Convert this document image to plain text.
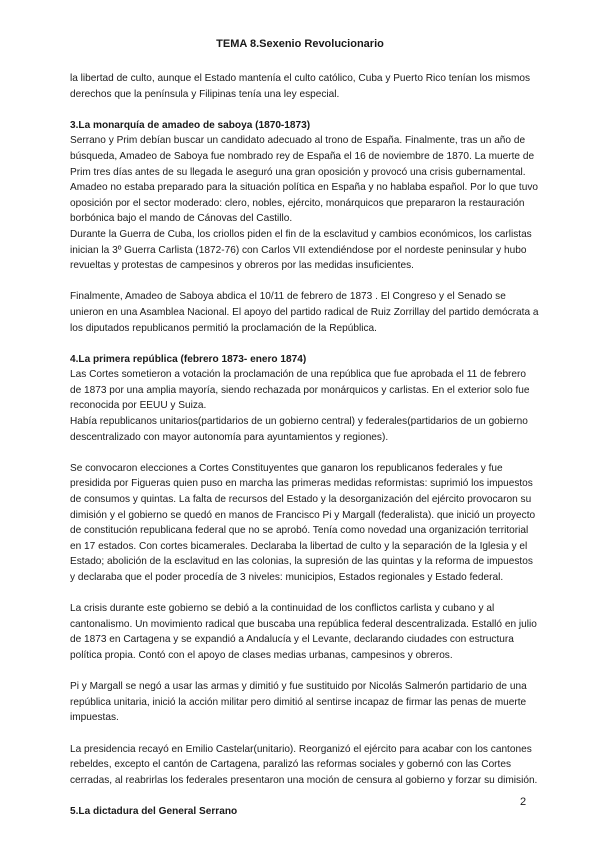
TEMA 8.Sexenio Revolucionario

la libertad de culto, aunque el Estado mantenía el culto católico, Cuba y Puerto Rico tenían los mismos derechos que la península y Filipinas tenía una ley especial.

3.La monarquía de amadeo de saboya (1870-1873)

Serrano y Prim debían buscar un candidato adecuado al trono de España. Finalmente, tras un año de búsqueda, Amadeo de Saboya fue nombrado rey de España el 16 de noviembre de 1870. La muerte de Prim tres días antes de su llegada le aseguró una gran oposición y provocó una crisis gubernamental. Amadeo no estaba preparado para la situación política en España y no hablaba español. Por lo que tuvo oposición por el sector moderado: clero, nobles, ejército, monárquicos que prepararon la restauración borbónica bajo el mando de Cánovas del Castillo.

Durante la Guerra de Cuba, los criollos piden el fin de la esclavitud y cambios económicos, los carlistas inician la 3º Guerra Carlista (1872-76) con Carlos VII extendiéndose por el nordeste peninsular y hubo revueltas y protestas de campesinos y obreros por las medidas insuficientes.

Finalmente, Amadeo de Saboya abdica el 10/11 de febrero de 1873 . El Congreso y el Senado se unieron en una Asamblea Nacional. El apoyo del partido radical de Ruiz Zorrillay del partido demócrata a los diputados republicanos permitió la proclamación de la República.

4.La primera república (febrero 1873- enero 1874)

Las Cortes sometieron a votación la proclamación de una república que fue aprobada el 11 de febrero de 1873 por una amplia mayoría, siendo rechazada por monárquicos y carlistas. En el exterior solo fue reconocida por EEUU y Suiza.

Había republicanos unitarios(partidarios de un gobierno central) y federales(partidarios de un gobierno descentralizado con mayor autonomía para ayuntamientos y regiones).

Se convocaron elecciones a Cortes Constituyentes que ganaron los republicanos federales y fue presidida por Figueras quien puso en marcha las primeras medidas reformistas: suprimió los impuestos de consumos y quintas. La falta de recursos del Estado y la desorganización del ejército provocaron su dimisión y el gobierno se quedó en manos de Francisco Pi y Margall (federalista). que inició un proyecto de constitución republicana federal que no se aprobó. Tenía como novedad una organización territorial en 17 estados. Con cortes bicamerales. Declaraba la libertad de culto y la separación de la Iglesia y el Estado; abolición de la esclavitud en las colonias, la supresión de las quintas y la reforma de impuestos y declaraba que el poder procedía de 3 niveles: municipios, Estados regionales y Estado federal.

La crisis durante este gobierno se debió a la continuidad de los conflictos carlista y cubano y al cantonalismo. Un movimiento radical que buscaba una república federal descentralizada. Estalló en julio de 1873 en Cartagena y se expandió a Andalucía y el Levante, declarando ciudades con estructura política propia. Contó con el apoyo de clases medias urbanas, campesinos y obreros.

Pi y Margall se negó a usar las armas y dimitió y fue sustituido por Nicolás Salmerón partidario de una república unitaria, inició la acción militar pero dimitió al sentirse incapaz de firmar las penas de muerte impuestas.

La presidencia recayó en Emilio Castelar(unitario). Reorganizó el ejército para acabar con los cantones rebeldes, excepto el cantón de Cartagena, paralizó las reformas sociales y gobernó con las Cortes cerradas, al reabrirlas los federales presentaron una moción de censura al gobierno y forzar su dimisión.

5.La dictadura del General Serrano

2
